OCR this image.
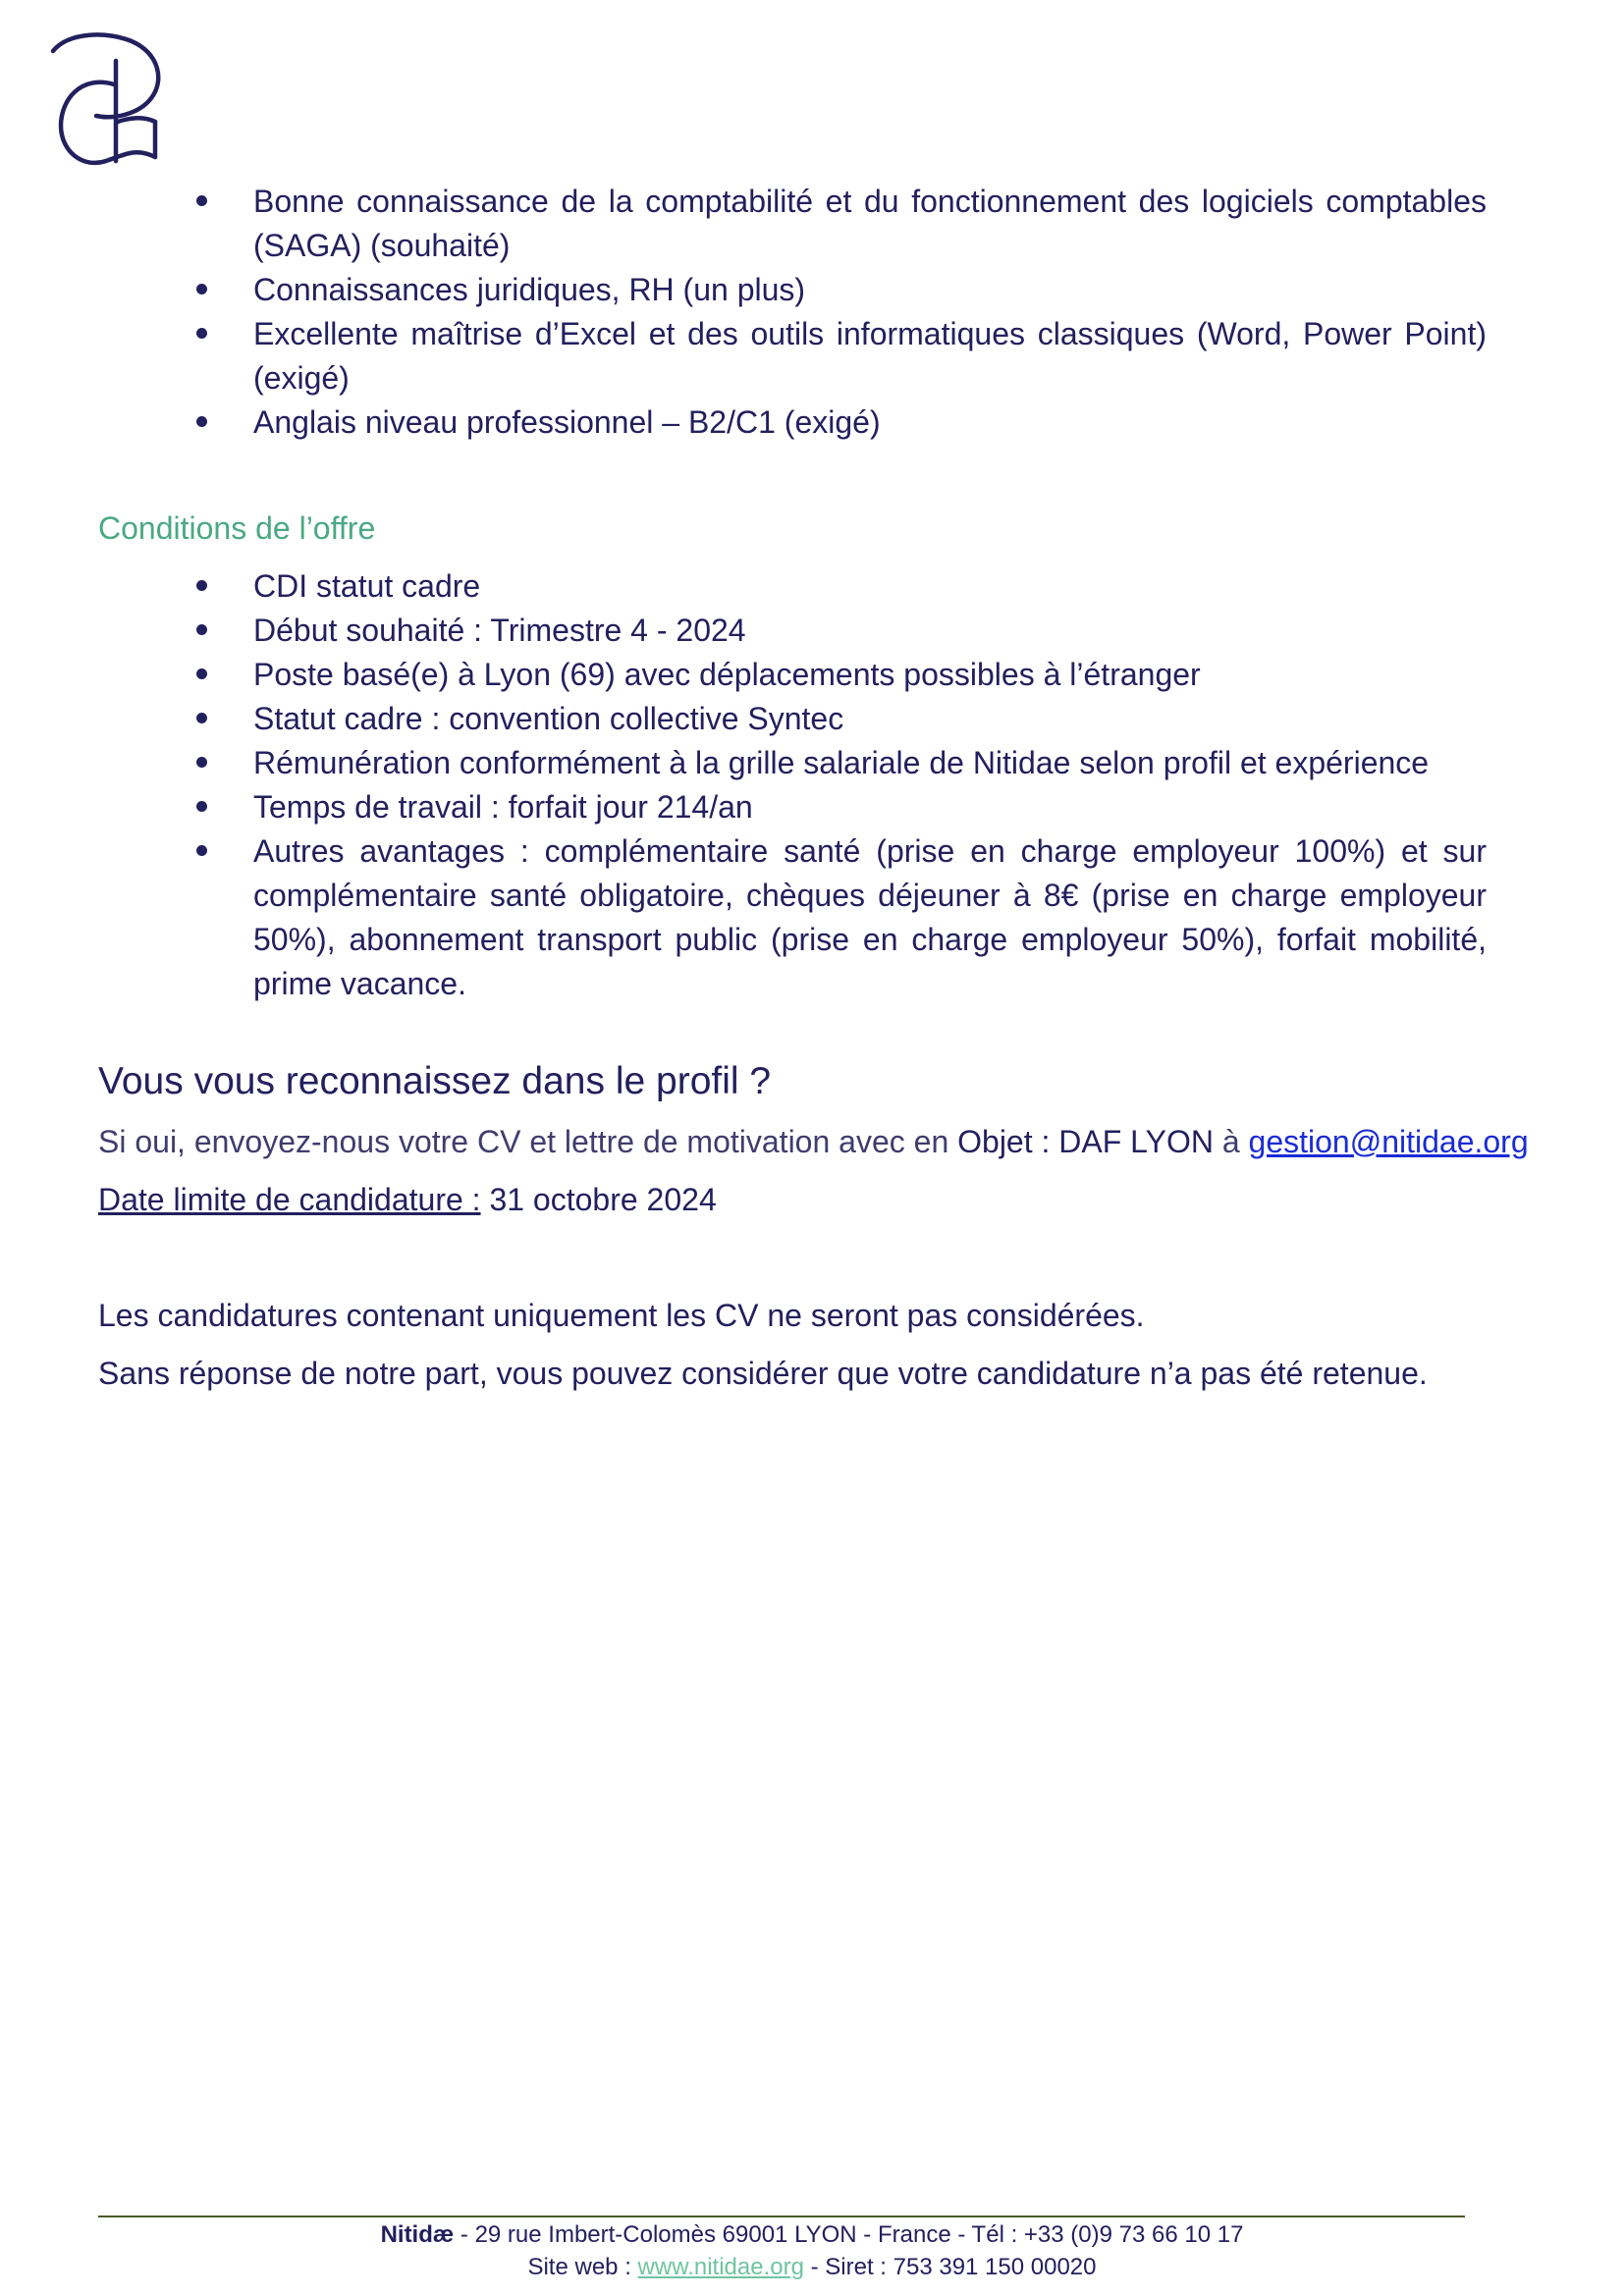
Bonne connaissance de la comptabilité et du fonctionnement des logiciels comptables (SAGA) (souhaité)
Connaissances juridiques, RH (un plus)
Excellente maîtrise d’Excel et des outils informatiques classiques (Word, Power Point) (exigé)
Anglais niveau professionnel – B2/C1 (exigé)
Conditions de l’offre
CDI statut cadre
Début souhaité : Trimestre 4 - 2024
Poste basé(e) à Lyon (69) avec déplacements possibles à l’étranger
Statut cadre : convention collective Syntec
Rémunération conformément à la grille salariale de Nitidae selon profil et expérience
Temps de travail : forfait jour 214/an
Autres avantages : complémentaire santé (prise en charge employeur 100%) et sur complémentaire santé obligatoire, chèques déjeuner à 8€ (prise en charge employeur 50%), abonnement transport public (prise en charge employeur 50%), forfait mobilité, prime vacance.
Vous vous reconnaissez dans le profil ?

Si oui, envoyez-nous votre CV et lettre de motivation avec en Objet : DAF LYON à gestion@nitidae.org

Date limite de candidature : 31 octobre 2024

Les candidatures contenant uniquement les CV ne seront pas considérées.

Sans réponse de notre part, vous pouvez considérer que votre candidature n’a pas été retenue.

Nitidæ - 29 rue Imbert-Colomès 69001 LYON - France - Tél : +33 (0)9 73 66 10 17
Site web : www.nitidae.org - Siret : 753 391 150 00020
